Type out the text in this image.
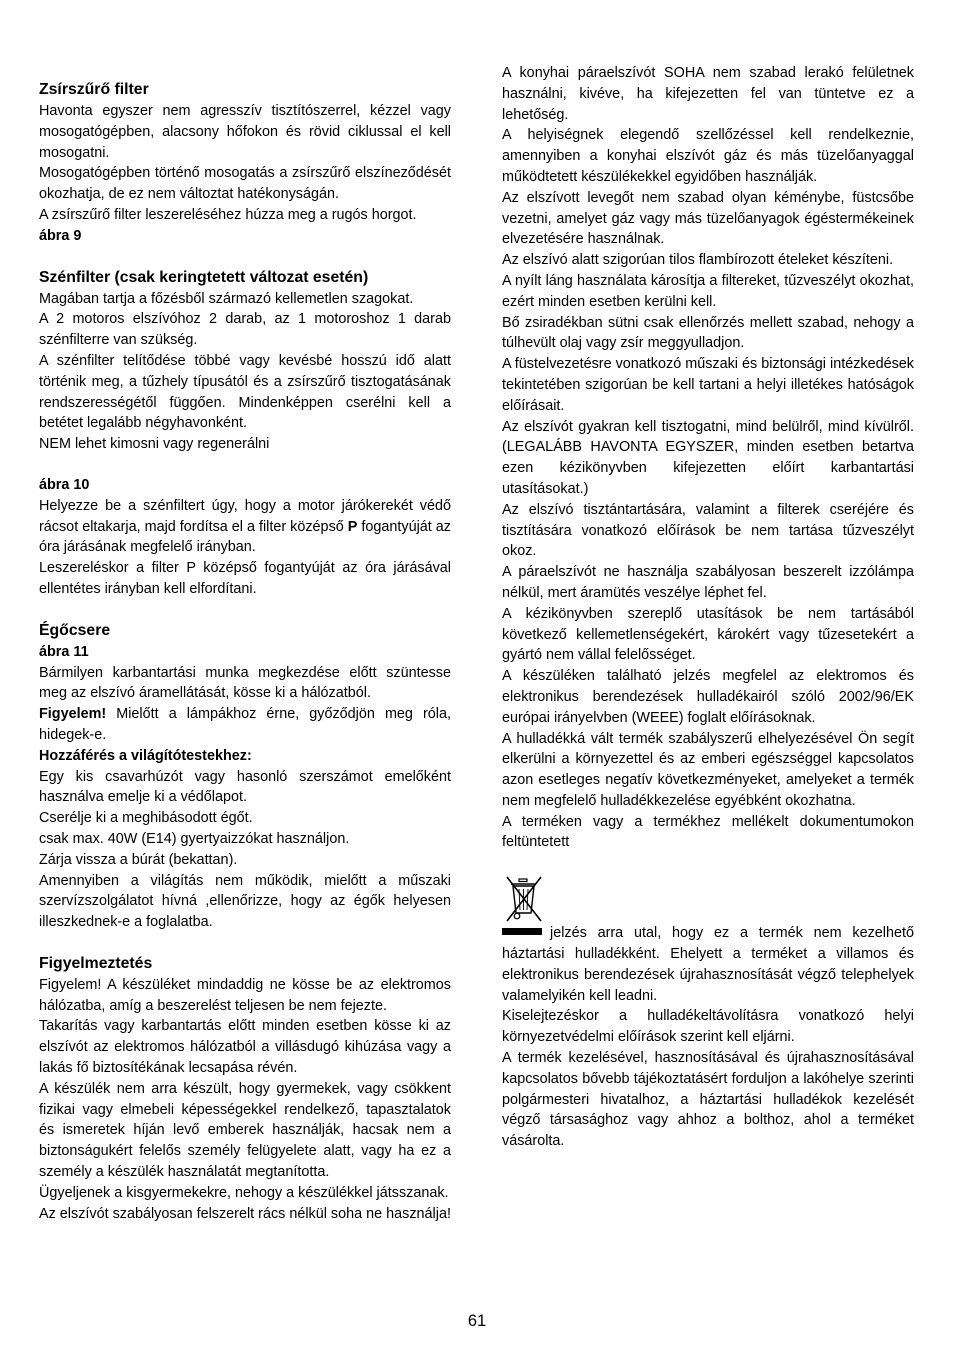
Zsírszűrő filter

Havonta egyszer nem agresszív tisztítószerrel, kézzel vagy mosogatógépben, alacsony hőfokon és rövid ciklussal el kell mosogatni.

Mosogatógépben történő mosogatás a zsírszűrő elszíneződését okozhatja, de ez nem változtat hatékonyságán.

A zsírszűrő filter leszereléséhez húzza meg a rugós horgot.

ábra 9

Szénfilter (csak keringtetett változat esetén)

Magában tartja a főzésből származó kellemetlen szagokat.

A 2 motoros elszívóhoz 2 darab, az 1 motoroshoz 1 darab szénfilterre van szükség.

A szénfilter telítődése többé vagy kevésbé hosszú idő alatt történik meg, a tűzhely típusától és a zsírszűrő tisztogatásának rendszerességétől függően. Mindenképpen cserélni kell a betétet legalább négyhavonként.

NEM lehet kimosni vagy regenerálni

ábra 10

Helyezze be a szénfiltert úgy, hogy a motor járókerekét védő rácsot eltakarja, majd fordítsa el a filter középső P fogantyúját az óra járásának megfelelő irányban.

Leszereléskor a filter P középső fogantyúját az óra járásával ellentétes irányban kell elfordítani.

Égőcsere

ábra 11

Bármilyen karbantartási munka megkezdése előtt szüntesse meg az elszívó áramellátását, kösse ki a hálózatból.

Figyelem! Mielőtt a lámpákhoz érne, győződjön meg róla, hidegek-e.

Hozzáférés a világítótestekhez:

Egy kis csavarhúzót vagy hasonló szerszámot emelőként használva emelje ki a védőlapot.

Cserélje ki a meghibásodott égőt.

csak max. 40W (E14) gyertyaizzókat használjon.

Zárja vissza a búrát (bekattan).

Amennyiben a világítás nem működik, mielőtt a műszaki szervízszolgálatot hívná ,ellenőrizze, hogy az égők helyesen illeszkednek-e a foglalatba.

Figyelmeztetés

Figyelem! A készüléket mindaddig ne kösse be az elektromos hálózatba, amíg a beszerelést teljesen be nem fejezte.

Takarítás vagy karbantartás előtt minden esetben kösse ki az elszívót az elektromos hálózatból a villásdugó kihúzása vagy a lakás fő biztosítékának lecsapása révén.

A készülék nem arra készült, hogy gyermekek, vagy csökkent fizikai vagy elmebeli képességekkel rendelkező, tapasztalatok és ismeretek híján levő emberek használják, hacsak nem a biztonságukért felelős személy felügyelete alatt, vagy ha ez a személy a készülék használatát megtanította.

Ügyeljenek a kisgyermekekre, nehogy a készülékkel játsszanak.

Az elszívót szabályosan felszerelt rács nélkül soha ne használja!

A konyhai páraelszívót SOHA nem szabad lerakó felületnek használni, kivéve, ha kifejezetten fel van tüntetve ez a lehetőség.

A helyiségnek elegendő szellőzéssel kell rendelkeznie, amennyiben a konyhai elszívót gáz és más tüzelőanyaggal működtetett készülékekkel egyidőben használják.

Az elszívott levegőt nem szabad olyan kéménybe, füstcsőbe vezetni, amelyet gáz vagy más tüzelőanyagok égéstermékeinek elvezetésére használnak.

Az elszívó alatt szigorúan tilos flambírozott ételeket készíteni.

A nyílt láng használata károsítja a filtereket, tűzveszélyt okozhat, ezért minden esetben kerülni kell.

Bő zsiradékban sütni csak ellenőrzés mellett szabad, nehogy a túlhevült olaj vagy zsír meggyulladjon.

A füstelvezetésre vonatkozó műszaki és biztonsági intézkedések tekintetében szigorúan be kell tartani a helyi illetékes hatóságok előírásait.

Az elszívót gyakran kell tisztogatni, mind belülről, mind kívülről. (LEGALÁBB HAVONTA EGYSZER, minden esetben betartva ezen kézikönyvben kifejezetten előírt karbantartási utasításokat.)

Az elszívó tisztántartására, valamint a filterek cseréjére és tisztítására vonatkozó előírások be nem tartása tűzveszélyt okoz.

A páraelszívót ne használja szabályosan beszerelt izzólámpa nélkül, mert áramütés veszélye léphet fel.

A kézikönyvben szereplő utasítások be nem tartásából következő kellemetlenségekért, károkért vagy tűzesetekért a gyártó nem vállal felelősséget.

A készüléken található jelzés megfelel az elektromos és elektronikus berendezések hulladékairól szóló 2002/96/EK európai irányelvben (WEEE) foglalt előírásoknak.

A hulladékká vált termék szabályszerű elhelyezésével Ön segít elkerülni a környezettel és az emberi egészséggel kapcsolatos azon esetleges negatív következményeket, amelyeket a termék nem megfelelő hulladékkezelése egyébként okozhatna.

A terméken vagy a termékhez mellékelt dokumentumokon feltüntetett

jelzés arra utal, hogy ez a termék nem kezelhető háztartási hulladékként. Ehelyett a terméket a villamos és elektronikus berendezések újrahasznosítását végző telephelyek valamelyikén kell leadni.

Kiselejtezéskor a hulladékeltávolításra vonatkozó helyi környezetvédelmi előírások szerint kell eljárni.

A termék kezelésével, hasznosításával és újrahasznosításával kapcsolatos bővebb tájékoztatásért forduljon a lakóhelye szerinti polgármesteri hivatalhoz, a háztartási hulladékok kezelését végző társasághoz vagy ahhoz a bolthoz, ahol a terméket vásárolta.

61
